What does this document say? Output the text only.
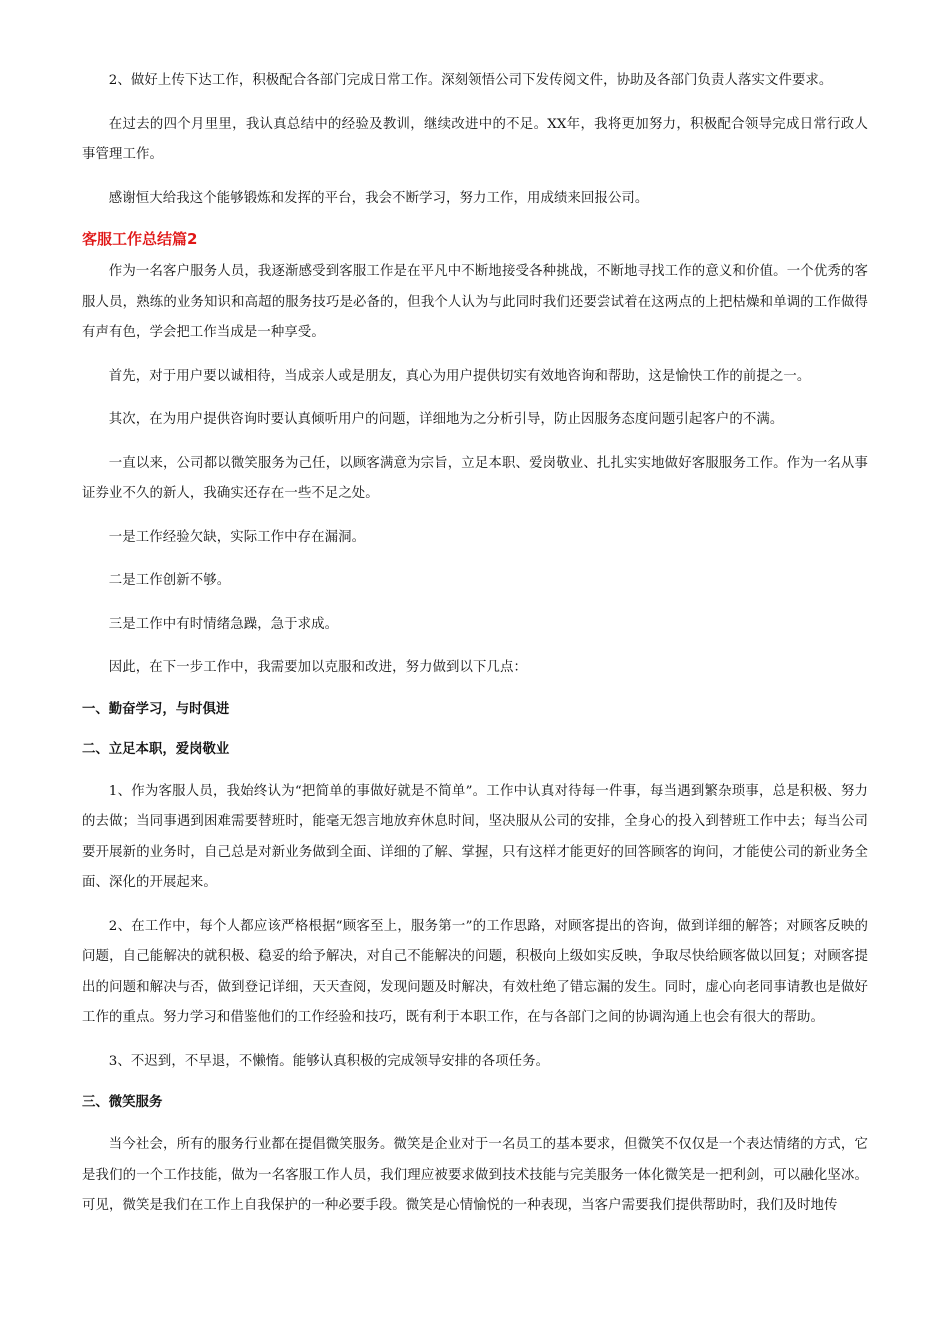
2、做好上传下达工作，积极配合各部门完成日常工作。深刻领悟公司下发传阅文件，协助及各部门负责人落实文件要求。

在过去的四个月里里，我认真总结中的经验及教训，继续改进中的不足。XX年，我将更加努力，积极配合领导完成日常行政人事管理工作。

感谢恒大给我这个能够锻炼和发挥的平台，我会不断学习，努力工作，用成绩来回报公司。

客服工作总结篇2

作为一名客户服务人员，我逐渐感受到客服工作是在平凡中不断地接受各种挑战，不断地寻找工作的意义和价值。一个优秀的客服人员，熟练的业务知识和高超的服务技巧是必备的，但我个人认为与此同时我们还要尝试着在这两点的上把枯燥和单调的工作做得有声有色，学会把工作当成是一种享受。

首先，对于用户要以诚相待，当成亲人或是朋友，真心为用户提供切实有效地咨询和帮助，这是愉快工作的前提之一。

其次，在为用户提供咨询时要认真倾听用户的问题，详细地为之分析引导，防止因服务态度问题引起客户的不满。

一直以来，公司都以微笑服务为己任，以顾客满意为宗旨，立足本职、爱岗敬业、扎扎实实地做好客服服务工作。作为一名从事证券业不久的新人，我确实还存在一些不足之处。

一是工作经验欠缺，实际工作中存在漏洞。

二是工作创新不够。

三是工作中有时情绪急躁，急于求成。

因此，在下一步工作中，我需要加以克服和改进，努力做到以下几点：

一、勤奋学习，与时俱进
二、立足本职，爱岗敬业

1、作为客服人员，我始终认为“把简单的事做好就是不简单”。工作中认真对待每一件事，每当遇到繁杂琐事，总是积极、努力的去做；当同事遇到困难需要替班时，能毫无怨言地放弃休息时间，坚决服从公司的安排，全身心的投入到替班工作中去；每当公司要开展新的业务时，自己总是对新业务做到全面、详细的了解、掌握，只有这样才能更好的回答顾客的询问，才能使公司的新业务全面、深化的开展起来。

2、在工作中，每个人都应该严格根据“顾客至上，服务第一”的工作思路，对顾客提出的咨询，做到详细的解答；对顾客反映的问题，自己能解决的就积极、稳妥的给予解决，对自己不能解决的问题，积极向上级如实反映，争取尽快给顾客做以回复；对顾客提出的问题和解决与否，做到登记详细，天天查阅，发现问题及时解决，有效杜绝了错忘漏的发生。同时，虚心向老同事请教也是做好工作的重点。努力学习和借鉴他们的工作经验和技巧，既有利于本职工作，在与各部门之间的协调沟通上也会有很大的帮助。

3、不迟到，不早退，不懒惰。能够认真积极的完成领导安排的各项任务。

三、微笑服务

当今社会，所有的服务行业都在提倡微笑服务。微笑是企业对于一名员工的基本要求，但微笑不仅仅是一个表达情绪的方式，它是我们的一个工作技能，做为一名客服工作人员，我们理应被要求做到技术技能与完美服务一体化微笑是一把利剑，可以融化坚冰。可见，微笑是我们在工作上自我保护的一种必要手段。微笑是心情愉悦的一种表现，当客户需要我们提供帮助时，我们及时地传
